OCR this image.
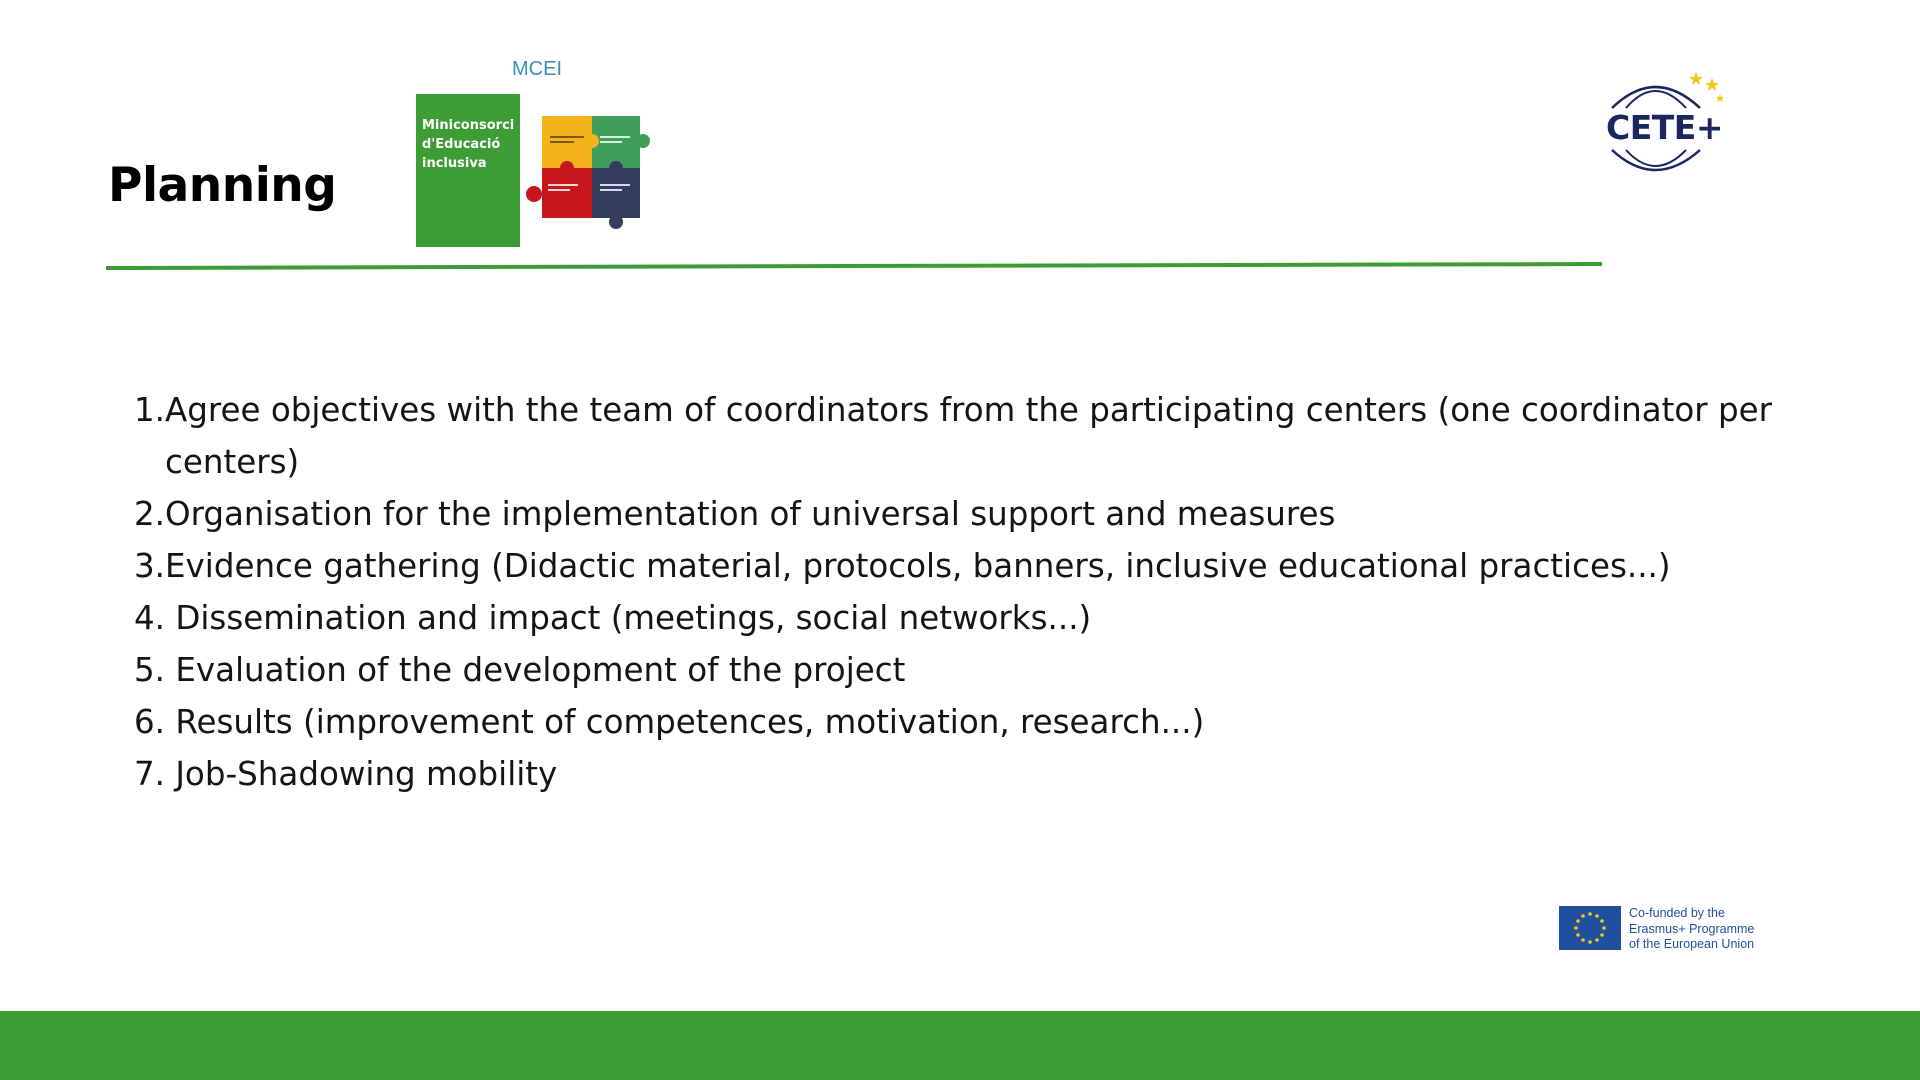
Planning
MCEI
Miniconsorci
d'Educació
inclusiva
CETE+
1. Agree objectives with the team of coordinators from the participating centers (one coordinator per centers)
2. Organisation for the implementation of universal support and measures
3. Evidence gathering (Didactic material, protocols, banners, inclusive educational practices...)
4. Dissemination and impact (meetings, social networks...)
5. Evaluation of the development of the project
6. Results (improvement of competences, motivation, research...)
7. Job-Shadowing mobility
Co-funded by the
Erasmus+ Programme
of the European Union
